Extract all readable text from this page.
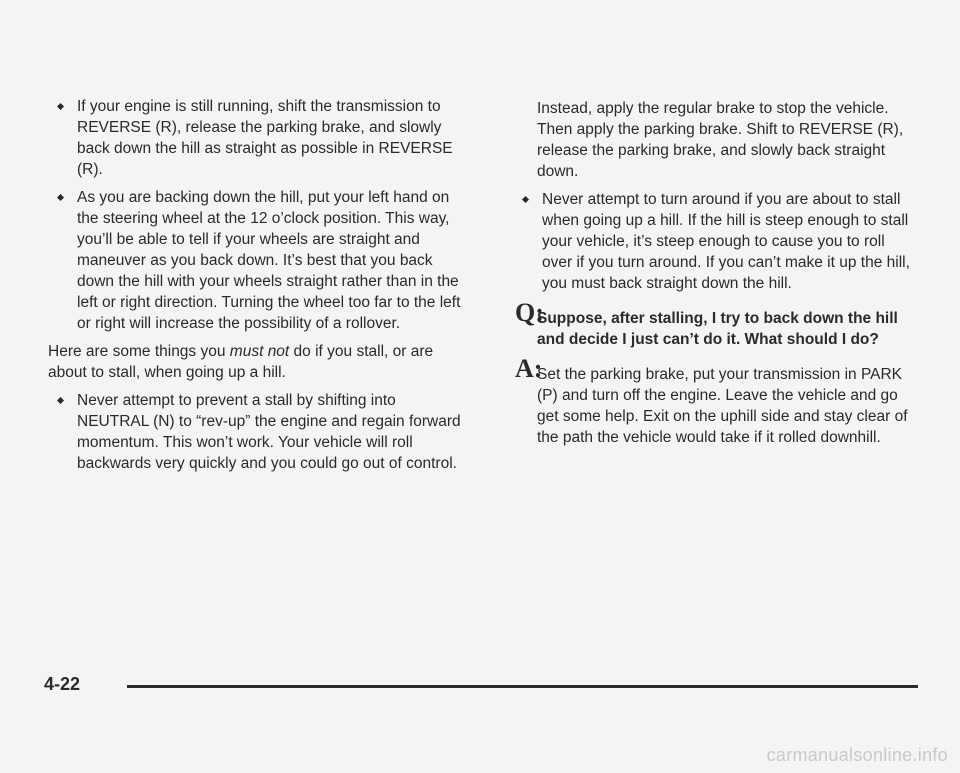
If your engine is still running, shift the transmission to REVERSE (R), release the parking brake, and slowly back down the hill as straight as possible in REVERSE (R).
As you are backing down the hill, put your left hand on the steering wheel at the 12 o’clock position. This way, you’ll be able to tell if your wheels are straight and maneuver as you back down. It’s best that you back down the hill with your wheels straight rather than in the left or right direction. Turning the wheel too far to the left or right will increase the possibility of a rollover.

Here are some things you must not do if you stall, or are about to stall, when going up a hill.

Never attempt to prevent a stall by shifting into NEUTRAL (N) to “rev-up” the engine and regain forward momentum. This won’t work. Your vehicle will roll backwards very quickly and you could go out of control.

Instead, apply the regular brake to stop the vehicle. Then apply the parking brake. Shift to REVERSE (R), release the parking brake, and slowly back straight down.

Never attempt to turn around if you are about to stall when going up a hill. If the hill is steep enough to stall your vehicle, it’s steep enough to cause you to roll over if you turn around. If you can’t make it up the hill, you must back straight down the hill.
Q:
Suppose, after stalling, I try to back down the hill and decide I just can’t do it. What should I do?
A:
Set the parking brake, put your transmission in PARK (P) and turn off the engine. Leave the vehicle and go get some help. Exit on the uphill side and stay clear of the path the vehicle would take if it rolled downhill.
4-22
carmanualsonline.info
